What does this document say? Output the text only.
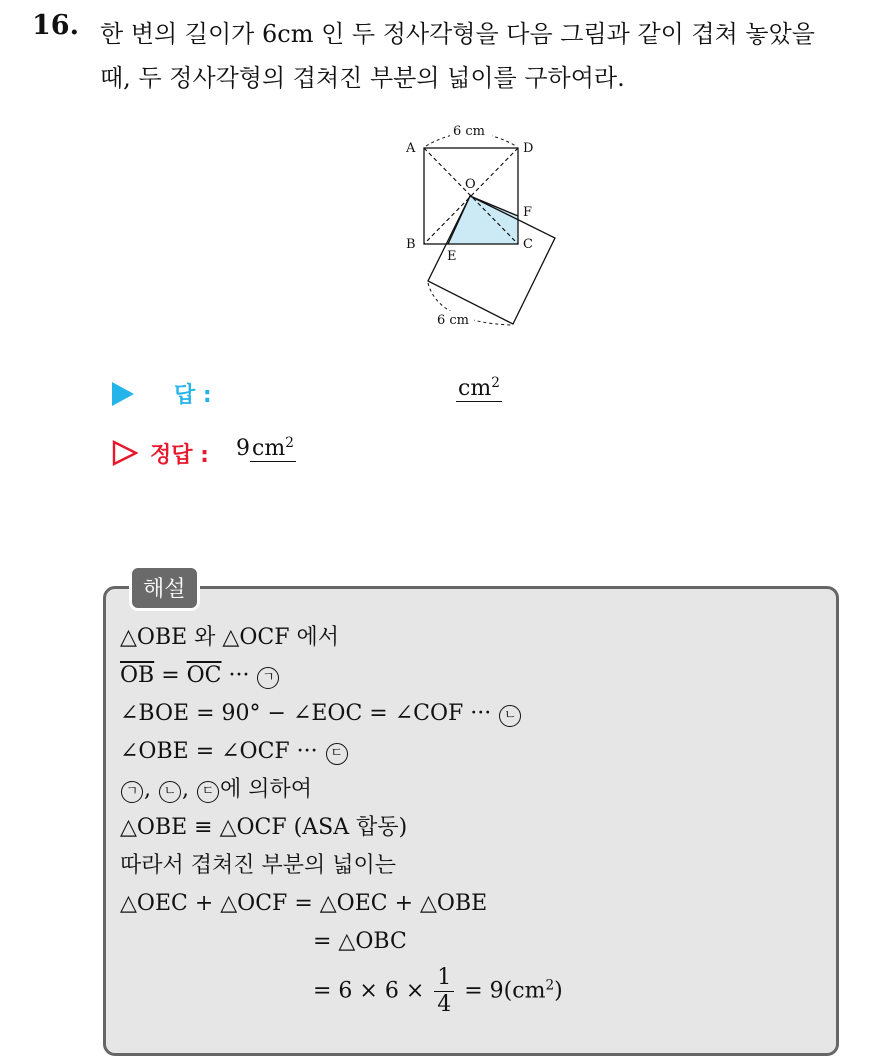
16. 한 변의 길이가 6cm 인 두 정사각형을 다음 그림과 같이 겹쳐 놓았을
때, 두 정사각형의 겹쳐진 부분의 넓이를 구하여라.
6 cm
6 cm
A	D
O
F
B
E
C
답 :	$cm^2$
정답 : $9cm^2$
해설
△OBE 와 △OCF 에서
$\overline{OB} = \overline{OC}$ ··· ㄱ
∠BOE = 90° − ∠EOC = ∠COF ··· ㄴ
∠OBE = ∠OCF ··· ㄷ
ㄱ , ㄴ , ㄷ 에 의하여
△OBE ≡ △OCF (ASA 합동)
따라서 겹쳐진 부분의 넓이는
△OEC + △OCF = △OEC + △OBE
= △OBC
= $6 \times 6 \times \frac{1}{4} = 9(cm^2)$
